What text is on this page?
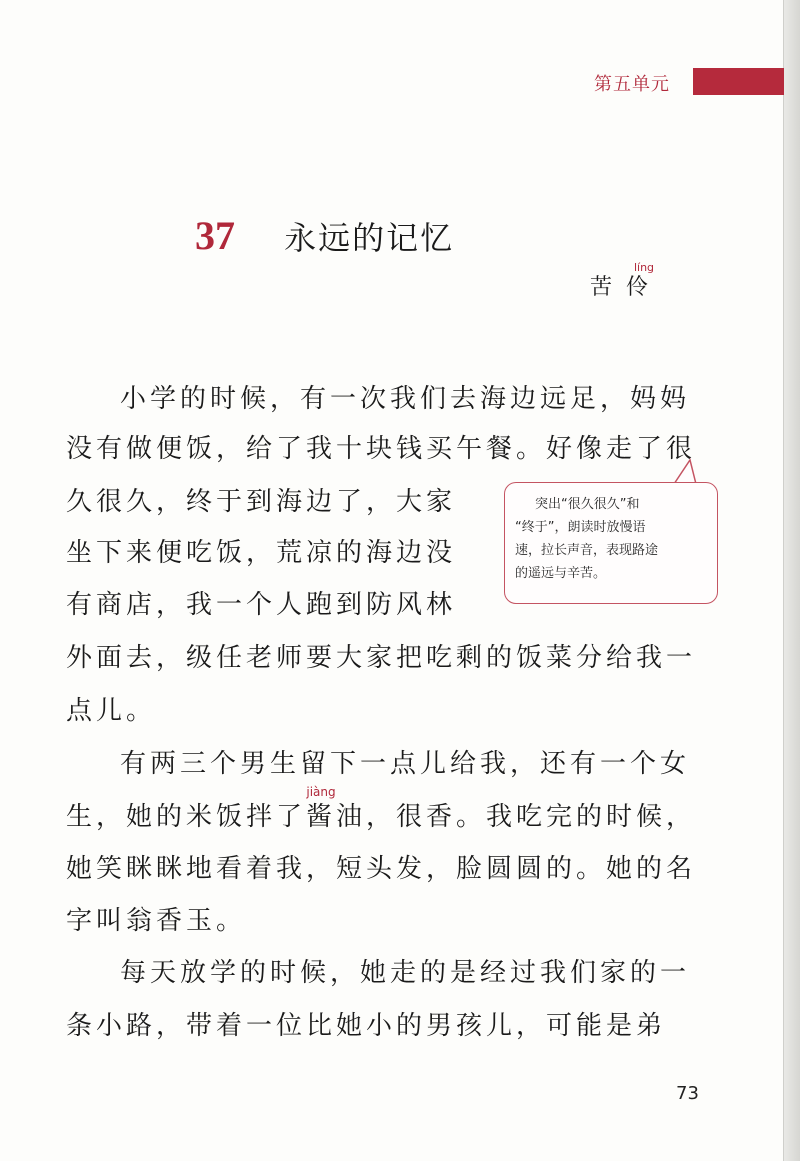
第五单元
37 永远的记忆
苦
líng
伶
小学的时候，有一次我们去海边远足，妈妈
没有做便饭，给了我十块钱买午餐。好像走了很
久很久，终于到海边了，大家
坐下来便吃饭，荒凉的海边没
有商店，我一个人跑到防风林
外面去，级任老师要大家把吃剩的饭菜分给我一
点儿。
突出“很久很久”和
“终于”，朗读时放慢语
速，拉长声音，表现路途
的遥远与辛苦。
有两三个男生留下一点儿给我，还有一个女
生，她的米饭拌了
jiàng
酱油，很香。我吃完的时候，
她笑眯眯地看着我，短头发，脸圆圆的。她的名
字叫翁香玉。
每天放学的时候，她走的是经过我们家的一
条小路，带着一位比她小的男孩儿，可能是弟
73
